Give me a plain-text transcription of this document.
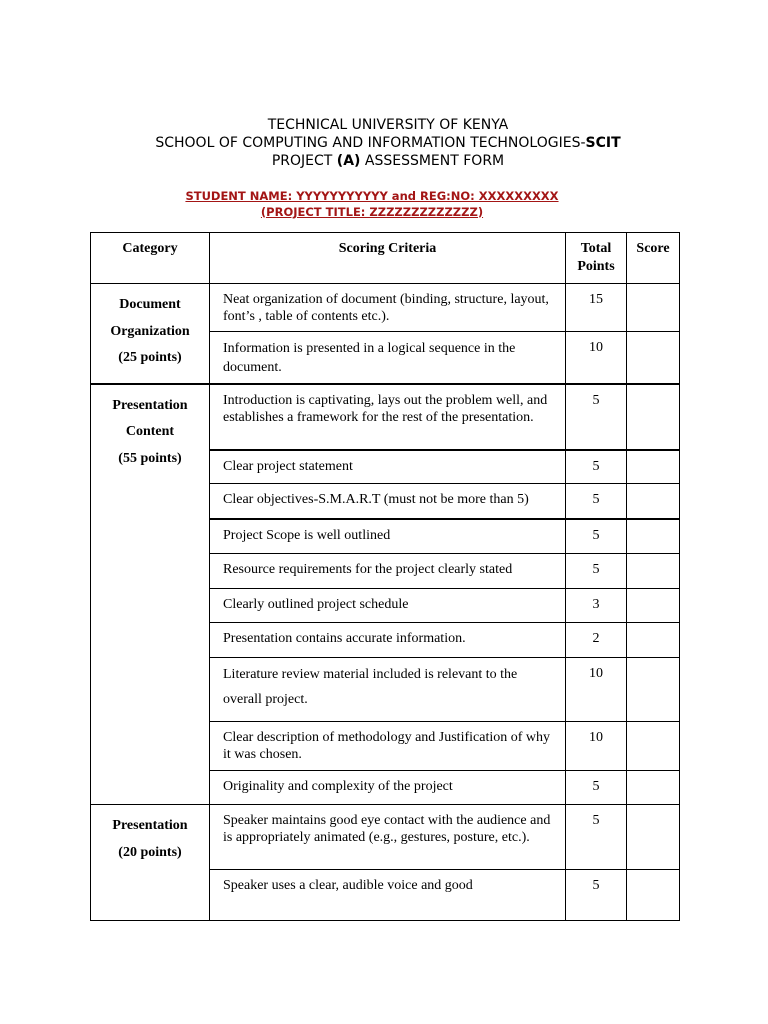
TECHNICAL UNIVERSITY OF KENYA
SCHOOL OF COMPUTING AND INFORMATION TECHNOLOGIES-SCIT
PROJECT (A) ASSESSMENT FORM
STUDENT NAME: YYYYYYYYYYY and REG:NO: XXXXXXXXX
(PROJECT TITLE: ZZZZZZZZZZZZZ)
Category	Scoring Criteria	Total Points	Score

Document
Organization
(25 points)	Neat organization of document (binding, structure, layout, font’s , table of contents etc.).	15	
	Information is presented in a logical sequence in the document.	10	

Presentation
Content
(55 points)	Introduction is captivating, lays out the problem well, and establishes a framework for the rest of the presentation.	5	
	Clear project statement	5	
	Clear objectives-S.M.A.R.T (must not be more than 5)	5	
	Project Scope is well outlined	5	
	Resource requirements for the project clearly stated	5	
	Clearly outlined project schedule	3	
	Presentation contains accurate information.	2	
	Literature review material included is relevant to the overall project.	10	
	Clear description of methodology and Justification of why it was chosen.	10	
	Originality and complexity of the project	5	

Presentation
(20 points)	Speaker maintains good eye contact with the audience and is appropriately animated (e.g., gestures, posture, etc.).	5	
	Speaker uses a clear, audible voice and good	5	
